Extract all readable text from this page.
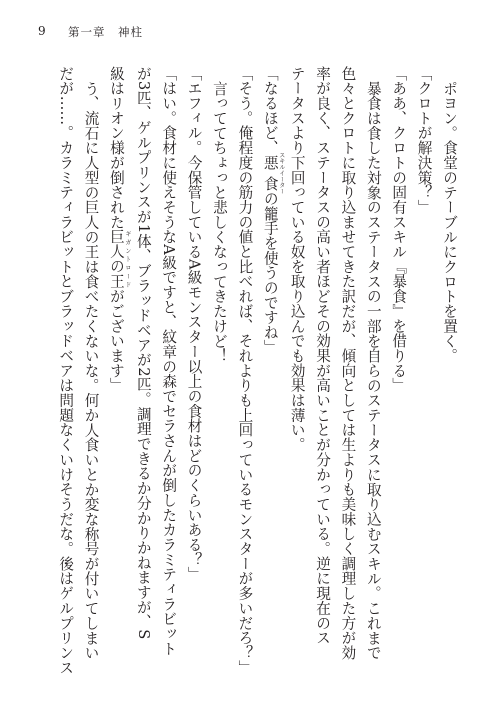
9 第一章　神柱
ポヨン。食堂のテーブルにクロトを置く。
「クロトが解決策？」
「ああ、クロトの固有スキル『暴食』を借りる」
暴食は食した対象のステータスの一部を自らのステータスに取り込むスキル。これまで
色々とクロトに取り込ませてきた訳だが、傾向としては生よりも美味しく調理した方が効
率が良く、ステータスの高い者ほどその効果が高いことが分かっている。逆に現在のス
テータスより下回っている奴を取り込んでも効果は薄い。
「なるほど、悪食 スキルイーターの籠手を使うのですね」
「そう。俺程度の筋力の値と比べれば、それよりも上回っているモンスターが多いだろ？」
言っててちょっと悲しくなってきたけど！
「エフィル。今保管しているA級モンスター以上の食材はどのくらいある？」
「はい。食材に使えそうなA級ですと、紋章の森でセラさんが倒したカラミティラビット
が3匹、ゲルプリンスが1体、ブラッドベアが2匹。調理できるか分かりかねますが、S
級はリオン様が倒された巨人の王 ギガントロードがございます」
う、流石に人型の巨人の王は食べたくないな。何か人食いとか変な称号が付いてしまい
だが……。カラミティラビットとブラッドベアは問題なくいけそうだな。後はゲルプリンス
